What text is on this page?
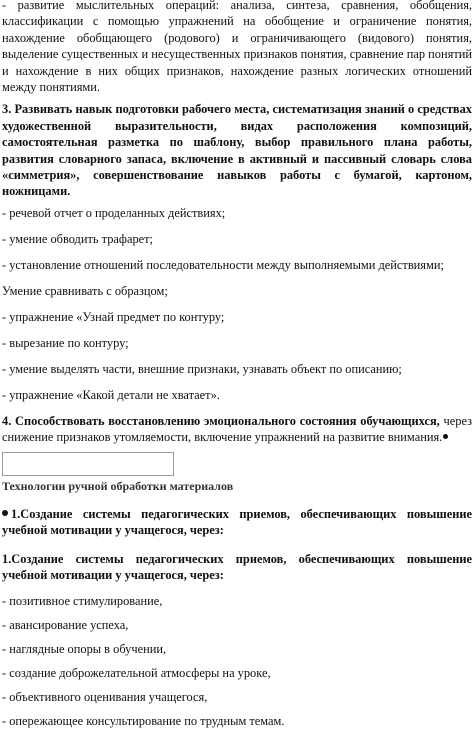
- развитие мыслительных операций: анализа, синтеза, сравнения, обобщения, классификации с помощью упражнений на обобщение и ограничение понятия, нахождение обобщающего (родового) и ограничивающего (видового) понятия, выделение существенных и несущественных признаков понятия, сравнение пар понятий и нахождение в них общих признаков, нахождение разных логических отношений между понятиями.

3. Развивать навык подготовки рабочего места, систематизация знаний о средствах художественной выразительности, видах расположения композиций, самостоятельная разметка по шаблону, выбор правильного плана работы, развития словарного запаса, включение в активный и пассивный словарь слова «симметрия», совершенствование навыков работы с бумагой, картоном, ножницами.

- речевой отчет о проделанных действиях;

- умение обводить трафарет;

- установление отношений последовательности между выполняемыми действиями;

Умение сравнивать с образцом;

- упражнение «Узнай предмет по контуру;

- вырезание по контуру;

- умение выделять части, внешние признаки, узнавать объект по описанию;

- упражнение «Какой детали не хватает».

4. Способствовать восстановлению эмоционального состояния обучающихся, через снижение признаков утомляемости, включение упражнений на развитие внимания.

Технологии ручной обработки материалов

1.Создание системы педагогических приемов, обеспечивающих повышение учебной мотивации у учащегося, через:

1.Создание системы педагогических приемов, обеспечивающих повышение учебной мотивации у учащегося, через:

- позитивное стимулирование,

- авансирование успеха,

- наглядные опоры в обучении,

- создание доброжелательной атмосферы на уроке,

- объективного оценивания учащегося,

- опережающее консультирование по трудным темам.
